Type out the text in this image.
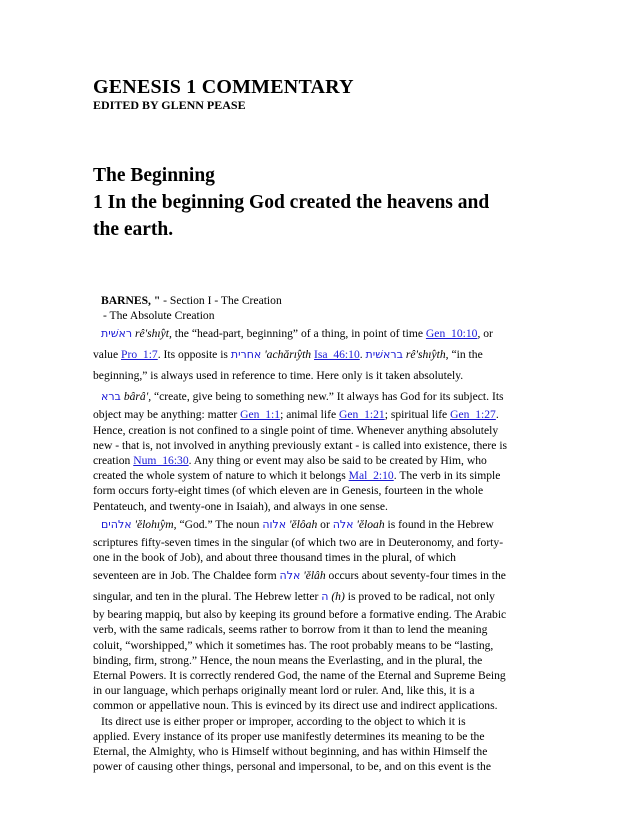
GENESIS 1 COMMENTARY
EDITED BY GLENN PEASE
The Beginning
1 In the beginning God created the heavens and
the earth.
BARNES, " - Section I - The Creation
- The Absolute Creation
ראשׁית rê'shı̂yt, the “head-part, beginning” of a thing, in point of time Gen_10:10, or
value Pro_1:7. Its opposite is אחרית 'achărı̂yth Isa_46:10. בראשׁית rê'shı̂yth, “in the
beginning,” is always used in reference to time. Here only is it taken absolutely.
ברא bârâ', “create, give being to something new.” It always has God for its subject. Its
object may be anything: matter Gen_1:1; animal life Gen_1:21; spiritual life Gen_1:27.
Hence, creation is not confined to a single point of time. Whenever anything absolutely
new - that is, not involved in anything previously extant - is called into existence, there is
creation Num_16:30. Any thing or event may also be said to be created by Him, who
created the whole system of nature to which it belongs Mal_2:10. The verb in its simple
form occurs forty-eight times (of which eleven are in Genesis, fourteen in the whole
Pentateuch, and twenty-one in Isaiah), and always in one sense.
אלהים 'ĕlohı̂ym, “God.” The noun אלוה 'ĕlôah or אלה 'ĕloah is found in the Hebrew
scriptures fifty-seven times in the singular (of which two are in Deuteronomy, and forty-
one in the book of Job), and about three thousand times in the plural, of which
seventeen are in Job. The Chaldee form אלה 'ĕlâh occurs about seventy-four times in the
singular, and ten in the plural. The Hebrew letter ה (h) is proved to be radical, not only
by bearing mappiq, but also by keeping its ground before a formative ending. The Arabic
verb, with the same radicals, seems rather to borrow from it than to lend the meaning
coluit, “worshipped,” which it sometimes has. The root probably means to be “lasting,
binding, firm, strong.” Hence, the noun means the Everlasting, and in the plural, the
Eternal Powers. It is correctly rendered God, the name of the Eternal and Supreme Being
in our language, which perhaps originally meant lord or ruler. And, like this, it is a
common or appellative noun. This is evinced by its direct use and indirect applications.
Its direct use is either proper or improper, according to the object to which it is
applied. Every instance of its proper use manifestly determines its meaning to be the
Eternal, the Almighty, who is Himself without beginning, and has within Himself the
power of causing other things, personal and impersonal, to be, and on this event is the
